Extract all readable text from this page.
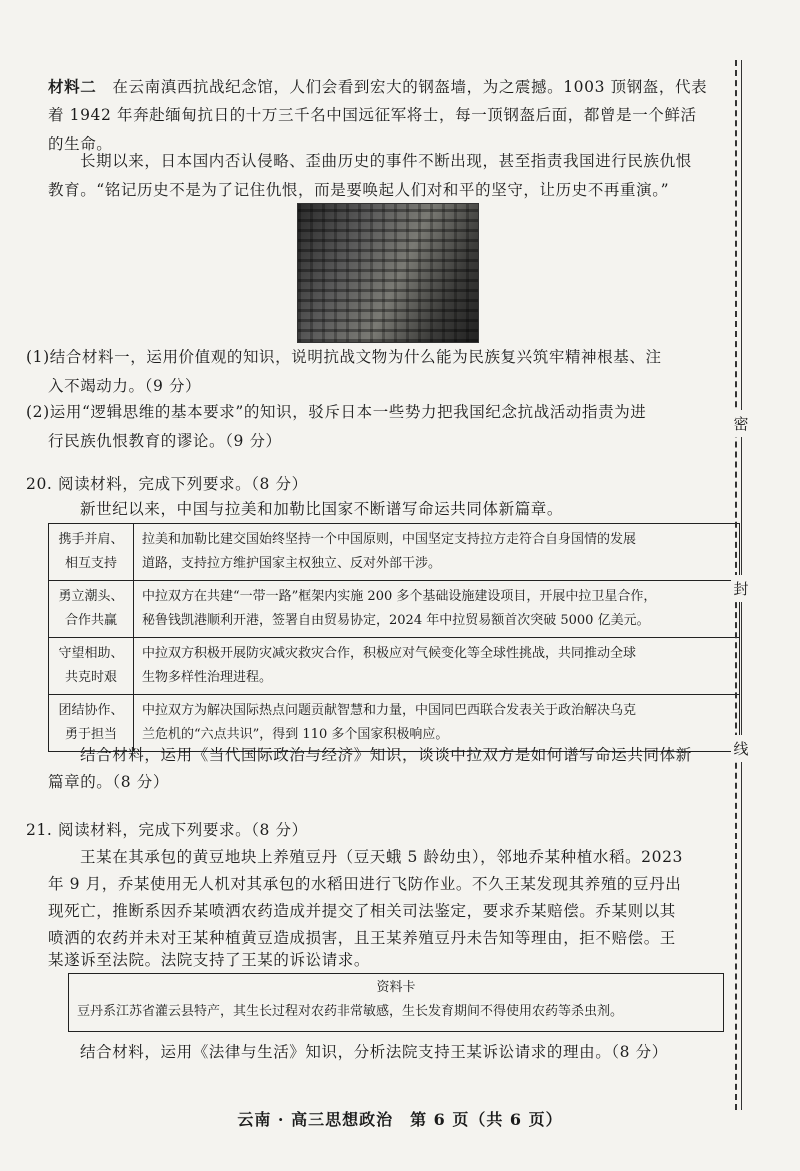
材料二　 在云南滇西抗战纪念馆，人们会看到宏大的钢盔墙，为之震撼。1003 顶钢盔，代表

着 1942 年奔赴缅甸抗日的十万三千名中国远征军将士，每一顶钢盔后面，都曾是一个鲜活

的生命。

长期以来，日本国内否认侵略、歪曲历史的事件不断出现，甚至指责我国进行民族仇恨

教育。“铭记历史不是为了记住仇恨，而是要唤起人们对和平的坚守，让历史不再重演。”

(1)结合材料一，运用价值观的知识，说明抗战文物为什么能为民族复兴筑牢精神根基、注

入不竭动力。（9 分）

(2)运用“逻辑思维的基本要求”的知识，驳斥日本一些势力把我国纪念抗战活动指责为进

行民族仇恨教育的谬论。（9 分）

20. 阅读材料，完成下列要求。（8 分）

新世纪以来，中国与拉美和加勒比国家不断谱写命运共同体新篇章。

携手并肩、
相互支持	拉美和加勒比建交国始终坚持一个中国原则，中国坚定支持拉方走符合自身国情的发展
道路，支持拉方维护国家主权独立、反对外部干涉。
勇立潮头、
合作共赢	中拉双方在共建“一带一路”框架内实施 200 多个基础设施建设项目，开展中拉卫星合作，
秘鲁钱凯港顺利开港，签署自由贸易协定，2024 年中拉贸易额首次突破 5000 亿美元。
守望相助、
共克时艰	中拉双方积极开展防灾减灾救灾合作，积极应对气候变化等全球性挑战，共同推动全球
生物多样性治理进程。
团结协作、
勇于担当	中拉双方为解决国际热点问题贡献智慧和力量，中国同巴西联合发表关于政治解决乌克
兰危机的“六点共识”，得到 110 多个国家积极响应。

结合材料，运用《当代国际政治与经济》知识，谈谈中拉双方是如何谱写命运共同体新

篇章的。（8 分）

21. 阅读材料，完成下列要求。（8 分）

王某在其承包的黄豆地块上养殖豆丹（豆天蛾 5 龄幼虫），邻地乔某种植水稻。2023

年 9 月，乔某使用无人机对其承包的水稻田进行飞防作业。不久王某发现其养殖的豆丹出

现死亡，推断系因乔某喷洒农药造成并提交了相关司法鉴定，要求乔某赔偿。乔某则以其

喷洒的农药并未对王某种植黄豆造成损害，且王某养殖豆丹未告知等理由，拒不赔偿。王

某遂诉至法院。法院支持了王某的诉讼请求。

资料卡
豆丹系江苏省灌云县特产，其生长过程对农药非常敏感，生长发育期间不得使用农药等杀虫剂。

结合材料，运用《法律与生活》知识，分析法院支持王某诉讼请求的理由。（8 分）

密
封
线
云南 · 高三思想政治　第 6 页（共 6 页）
